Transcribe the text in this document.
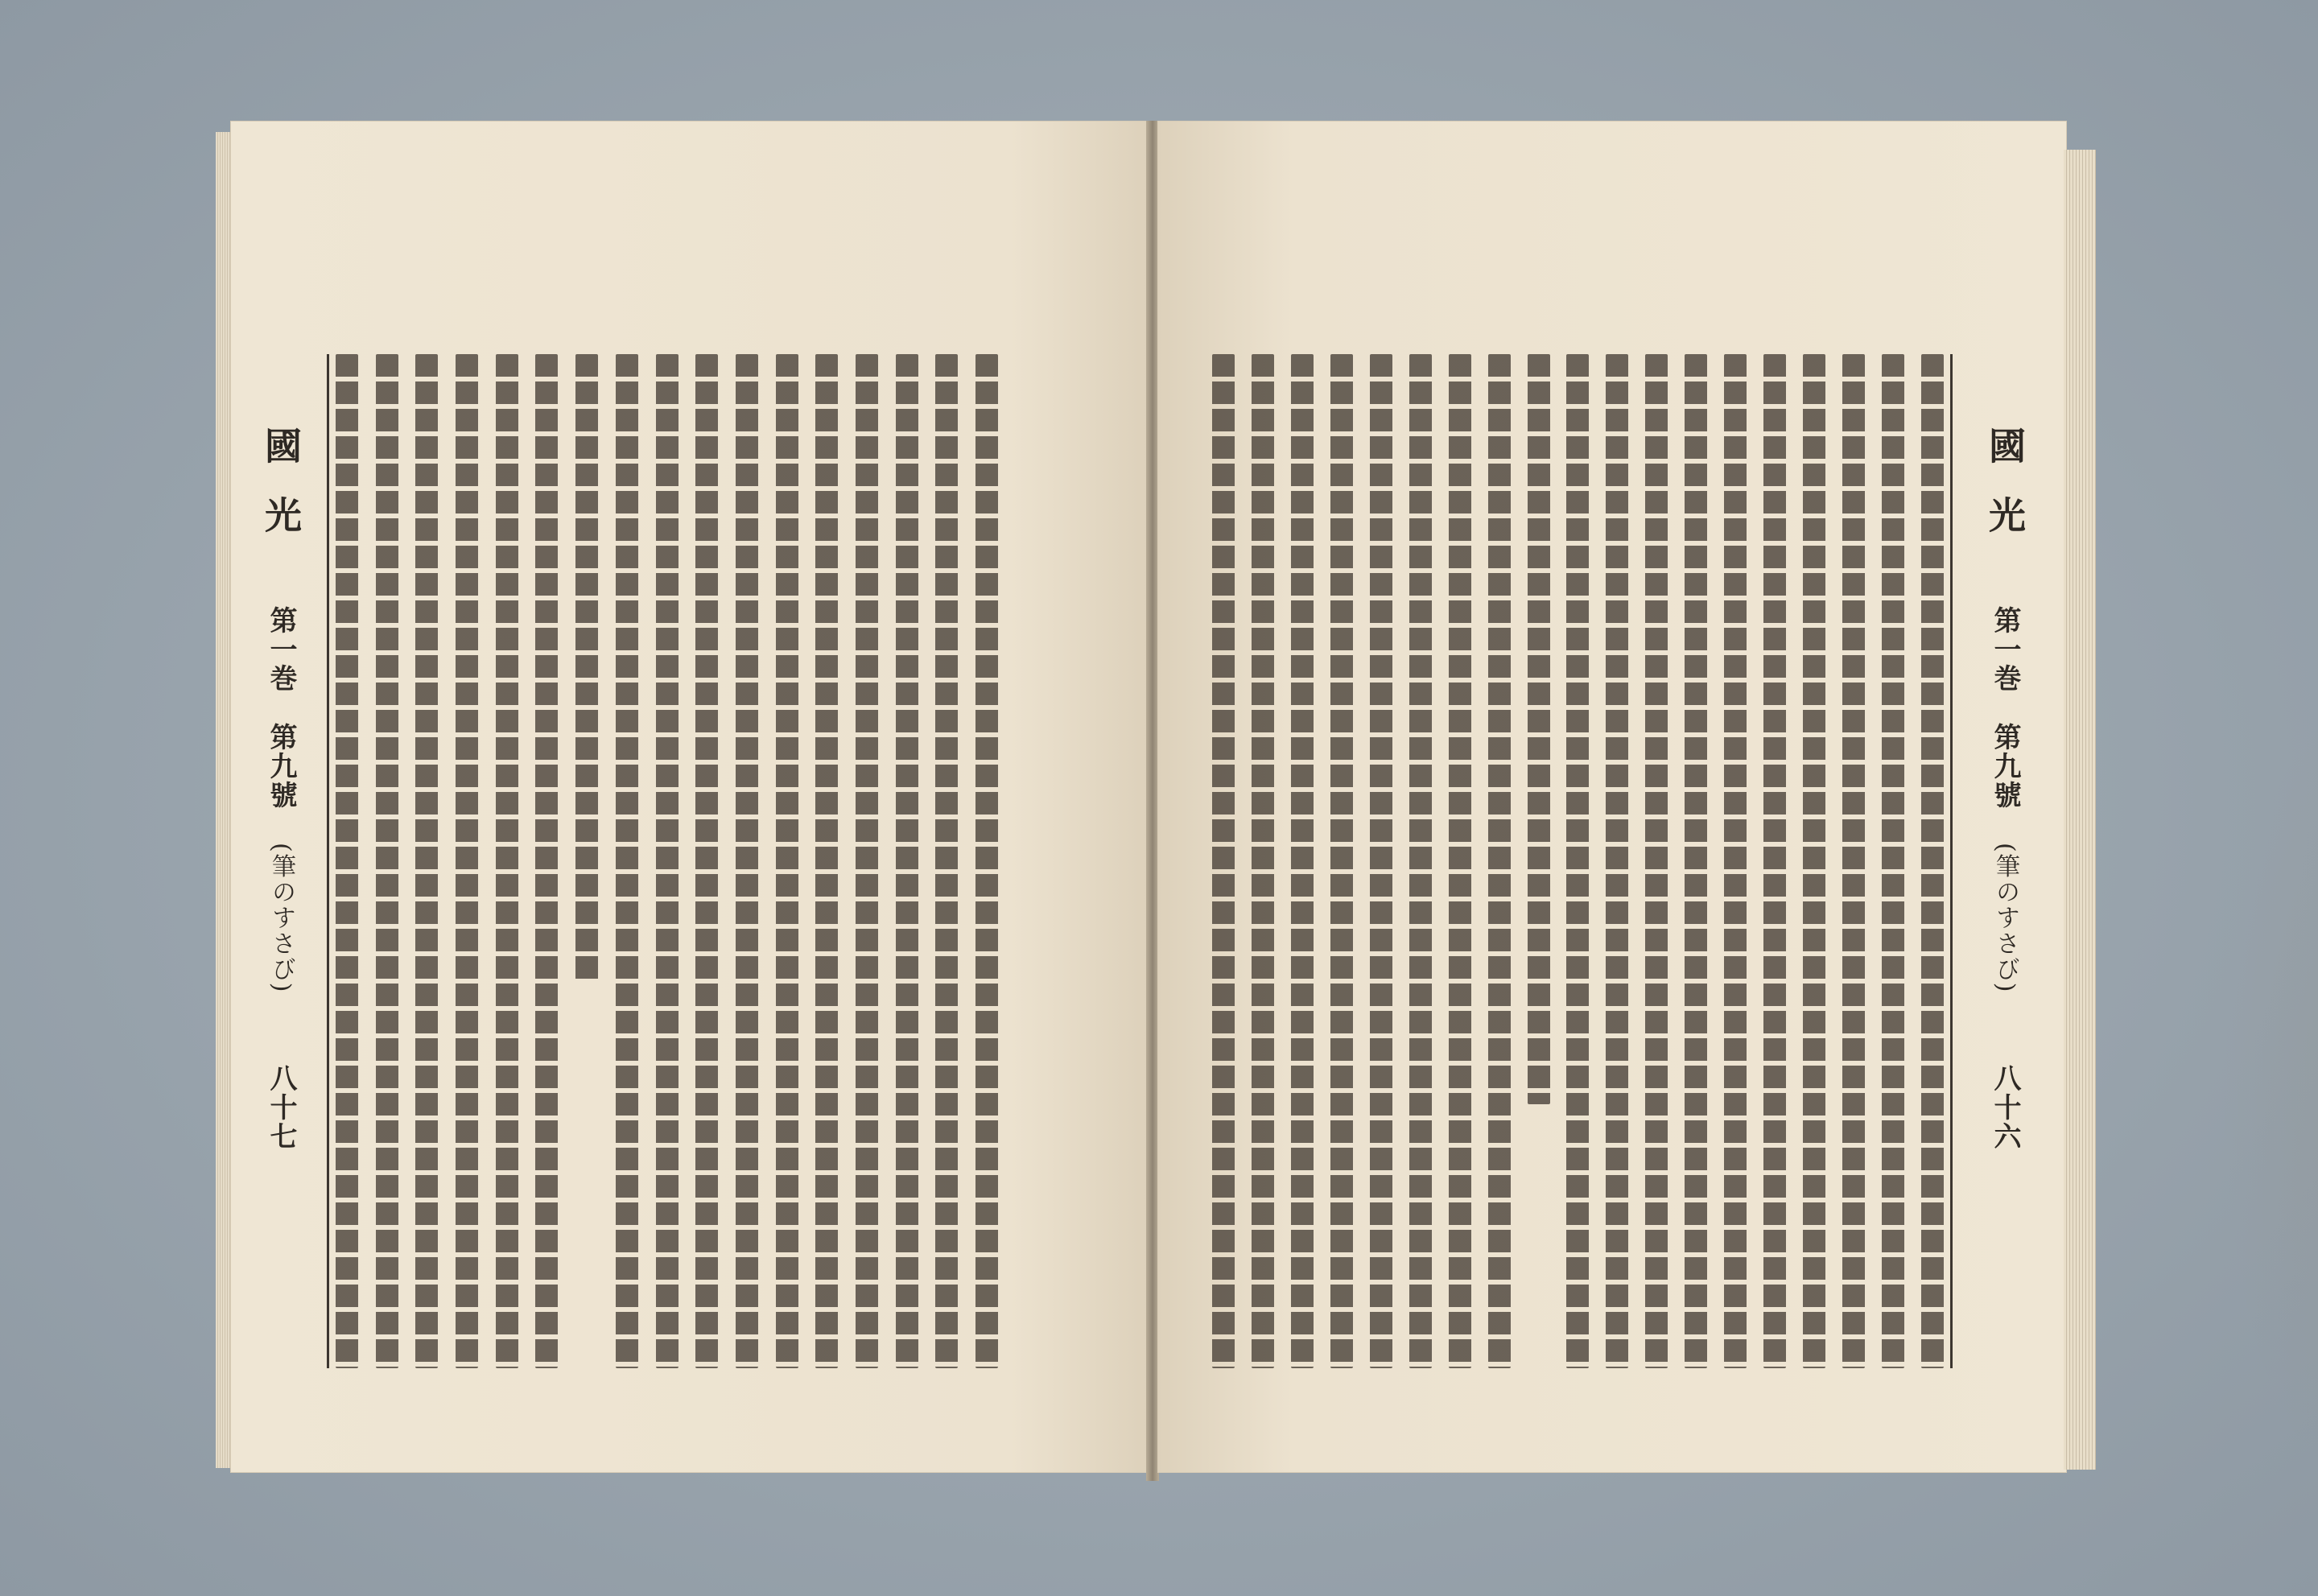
國光 第一巻 第九號 (筆のすさび) 八十七
國光 第一巻 第九號 (筆のすさび) 八十六
